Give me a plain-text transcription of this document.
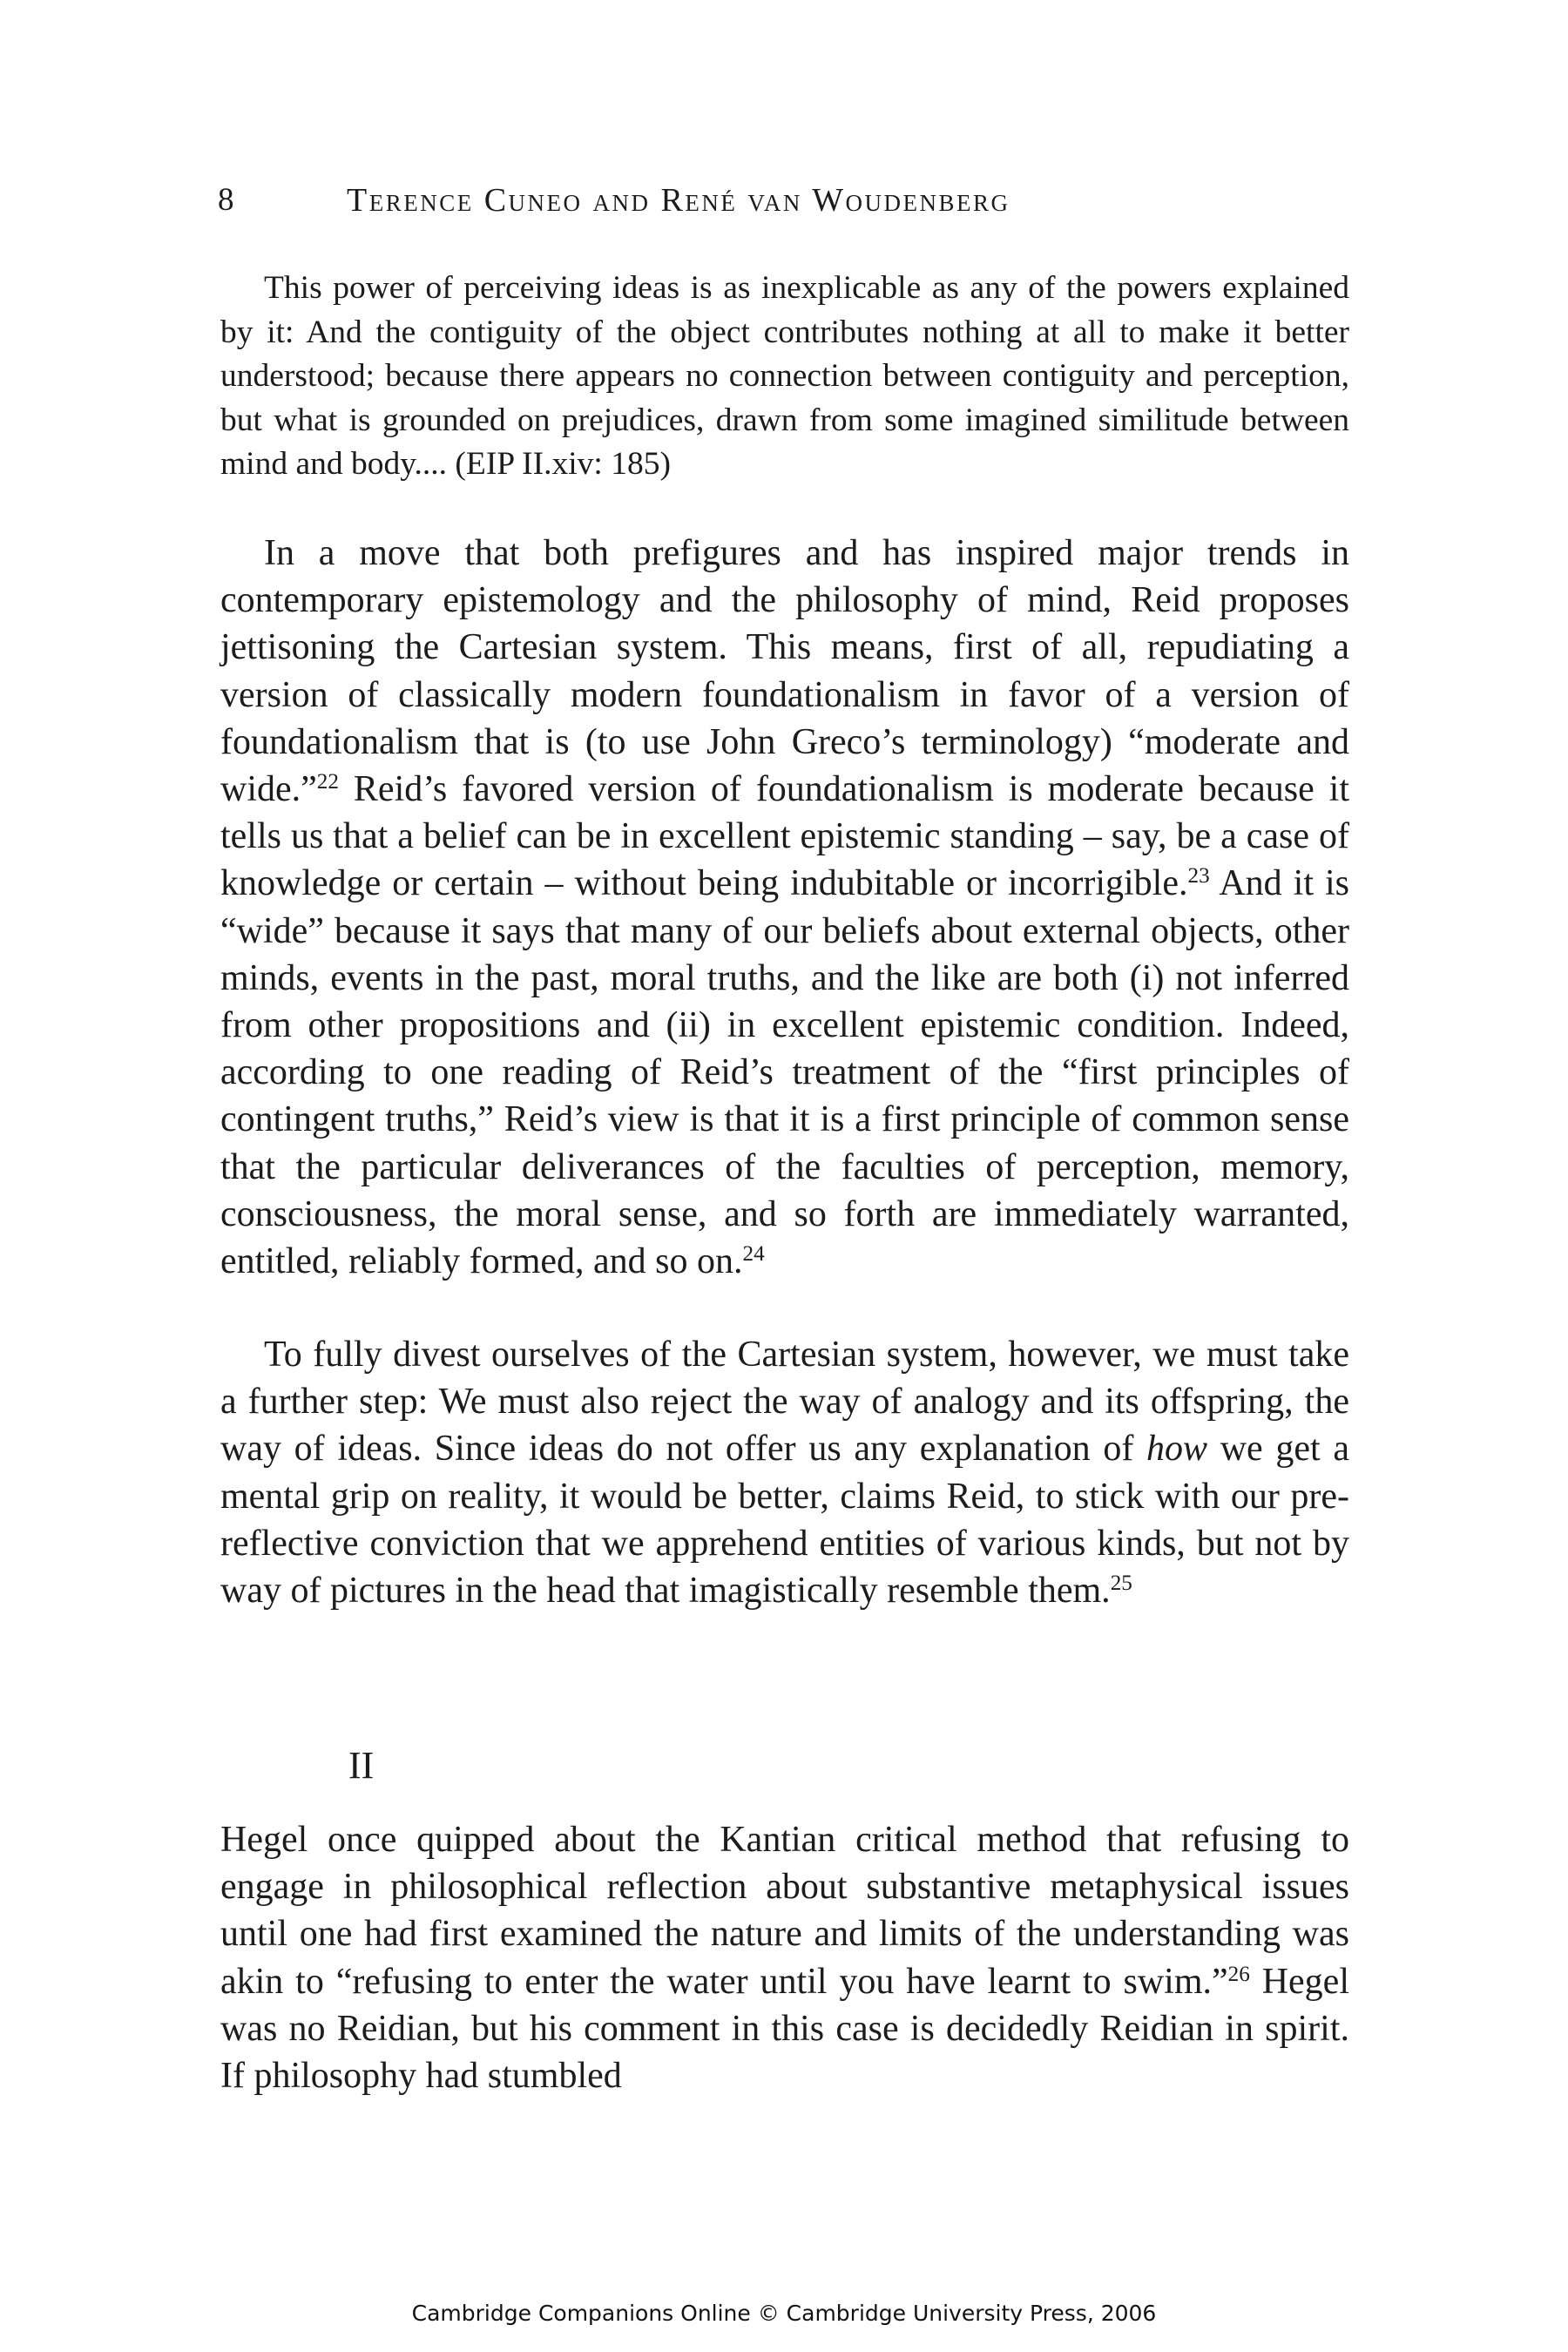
8	Terence Cuneo and René van Woudenberg

This power of perceiving ideas is as inexplicable as any of the powers explained by it: And the contiguity of the object contributes nothing at all to make it better understood; because there appears no connection between contiguity and perception, but what is grounded on prejudices, drawn from some imagined similitude between mind and body.... (EIP II.xiv: 185)

In a move that both prefigures and has inspired major trends in contemporary epistemology and the philosophy of mind, Reid proposes jettisoning the Cartesian system. This means, first of all, repudiating a version of classically modern foundationalism in favor of a version of foundationalism that is (to use John Greco’s terminology) “moderate and wide.”$^{22}$ Reid’s favored version of foundationalism is moderate because it tells us that a belief can be in excellent epistemic standing – say, be a case of knowledge or certain – without being indubitable or incorrigible.$^{23}$ And it is “wide” because it says that many of our beliefs about external objects, other minds, events in the past, moral truths, and the like are both (i) not inferred from other propositions and (ii) in excellent epistemic condition. Indeed, according to one reading of Reid’s treatment of the “first principles of contingent truths,” Reid’s view is that it is a first principle of common sense that the particular deliverances of the faculties of perception, memory, consciousness, the moral sense, and so forth are immediately warranted, entitled, reliably formed, and so on.$^{24}$

To fully divest ourselves of the Cartesian system, however, we must take a further step: We must also reject the way of analogy and its offspring, the way of ideas. Since ideas do not offer us any explanation of how we get a mental grip on reality, it would be better, claims Reid, to stick with our pre-reflective conviction that we apprehend entities of various kinds, but not by way of pictures in the head that imagistically resemble them.$^{25}$

II

Hegel once quipped about the Kantian critical method that refusing to engage in philosophical reflection about substantive metaphysical issues until one had first examined the nature and limits of the understanding was akin to “refusing to enter the water until you have learnt to swim.”$^{26}$ Hegel was no Reidian, but his comment in this case is decidedly Reidian in spirit. If philosophy had stumbled

Cambridge Companions Online © Cambridge University Press, 2006
